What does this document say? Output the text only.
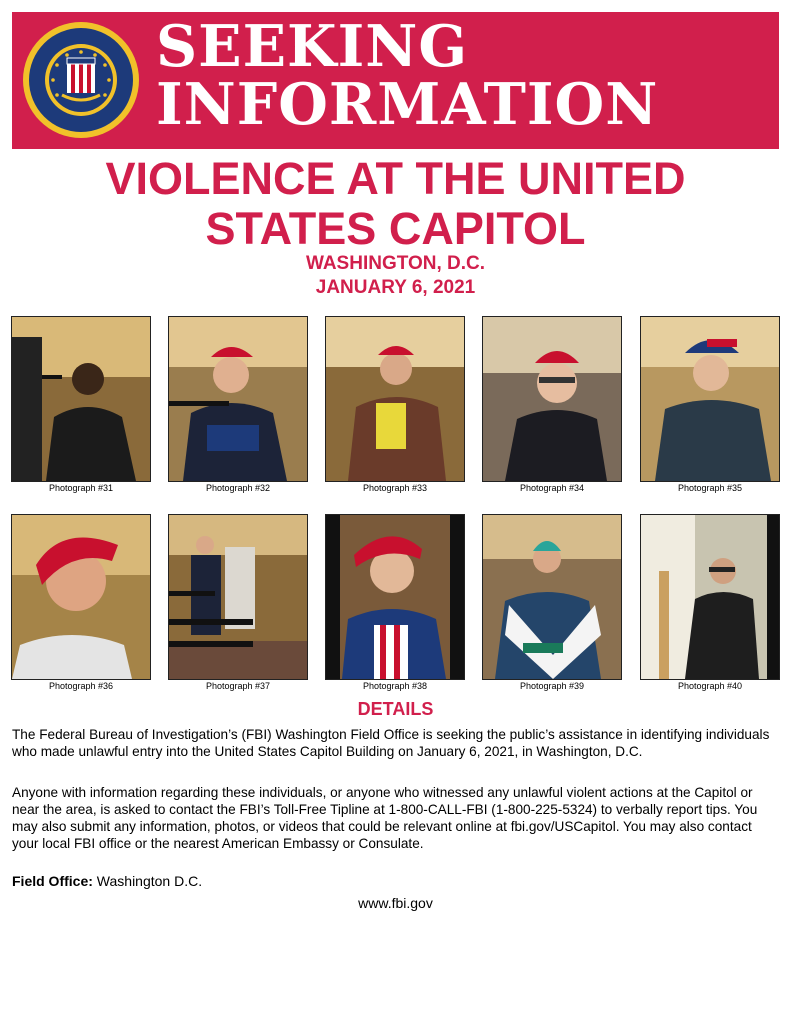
SEEKING
INFORMATION
VIOLENCE AT THE UNITED
STATES CAPITOL
WASHINGTON, D.C.
JANUARY 6, 2021
Photograph #31	Photograph #32	Photograph #33	Photograph #34	Photograph #35
Photograph #36	Photograph #37	Photograph #38	Photograph #39	Photograph #40
DETAILS
The Federal Bureau of Investigation’s (FBI) Washington Field Office is seeking the public’s assistance in identifying individuals who made unlawful entry into the United States Capitol Building on January 6, 2021, in Washington, D.C.
Anyone with information regarding these individuals, or anyone who witnessed any unlawful violent actions at the Capitol or near the area, is asked to contact the FBI’s Toll-Free Tipline at 1-800-CALL-FBI (1-800-225-5324) to verbally report tips. You may also submit any information, photos, or videos that could be relevant online at fbi.gov/USCapitol. You may also contact your local FBI office or the nearest American Embassy or Consulate.
Field Office: Washington D.C.
www.fbi.gov
